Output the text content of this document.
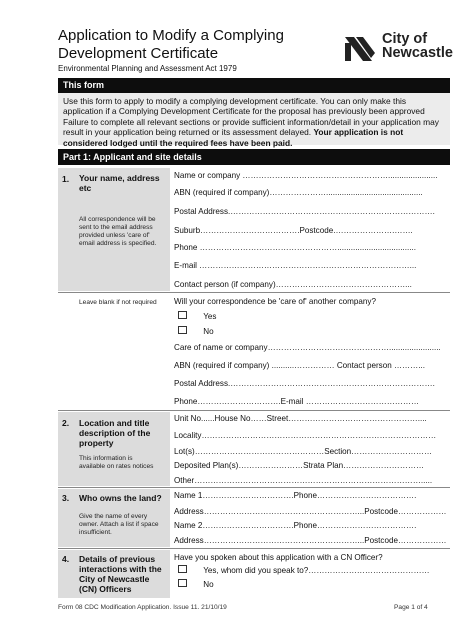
Application to Modify a Complying Development Certificate
Environmental Planning and Assessment Act 1979
City of
Newcastle
This form
Use this form to apply to modify a complying development certificate. You can only make this application if a Complying Development Certificate for the proposal has previously been approved Failure to complete all relevant sections or provide sufficient information/detail in your application may result in your application being returned or its assessment delayed. Your application is not considered lodged until the required fees have been paid.
Part 1: Applicant and site details
1. Your name, address etc
All correspondence will be sent to the email address provided unless 'care of' email address is specified.
Name or company ………………………………………………......................
ABN (required if company)…………………...........................................
Postal Address.………………………………………………………………….
Suburb……………………………….Postcode.………………….…….
Phone ……………………………………………...................................
E-mail ……………………………………………………………………...
Contact person (if company)…………………………………………...
Leave blank if not required	Will your correspondence be 'care of' another company?
Yes
No
Care of name or company……………………………………….......................
ABN (required if company) ..........…………… Contact person ………...
Postal Address.………………………………………………………………….
Phone………………………….E-mail ……………………………………
2. Location and title description of the property
This information is available on rates notices
Unit No......House No……Street…………………………………………....
Locality……………………………………………………………………………
Lot(s)…………………………………………Section…………………………
Deposited Plan(s)……………………Strata Plan…………………………
Other………………………………………………………………………….....
3. Who owns the land?
Give the name of every owner. Attach a list if space insufficient.
Name 1…………………………….Phone……………………………….
Address…………………………………………………...Postcode………………
Name 2…………………………….Phone……………………………….
Address…………………………………………………...Postcode………………
4. Details of previous interactions with the City of Newcastle (CN) Officers
Have you spoken about this application with a CN Officer?
Yes, whom did you speak to?………………………………………
No
Form 08 CDC Modification Application. Issue 11. 21/10/19	Page 1 of 4
